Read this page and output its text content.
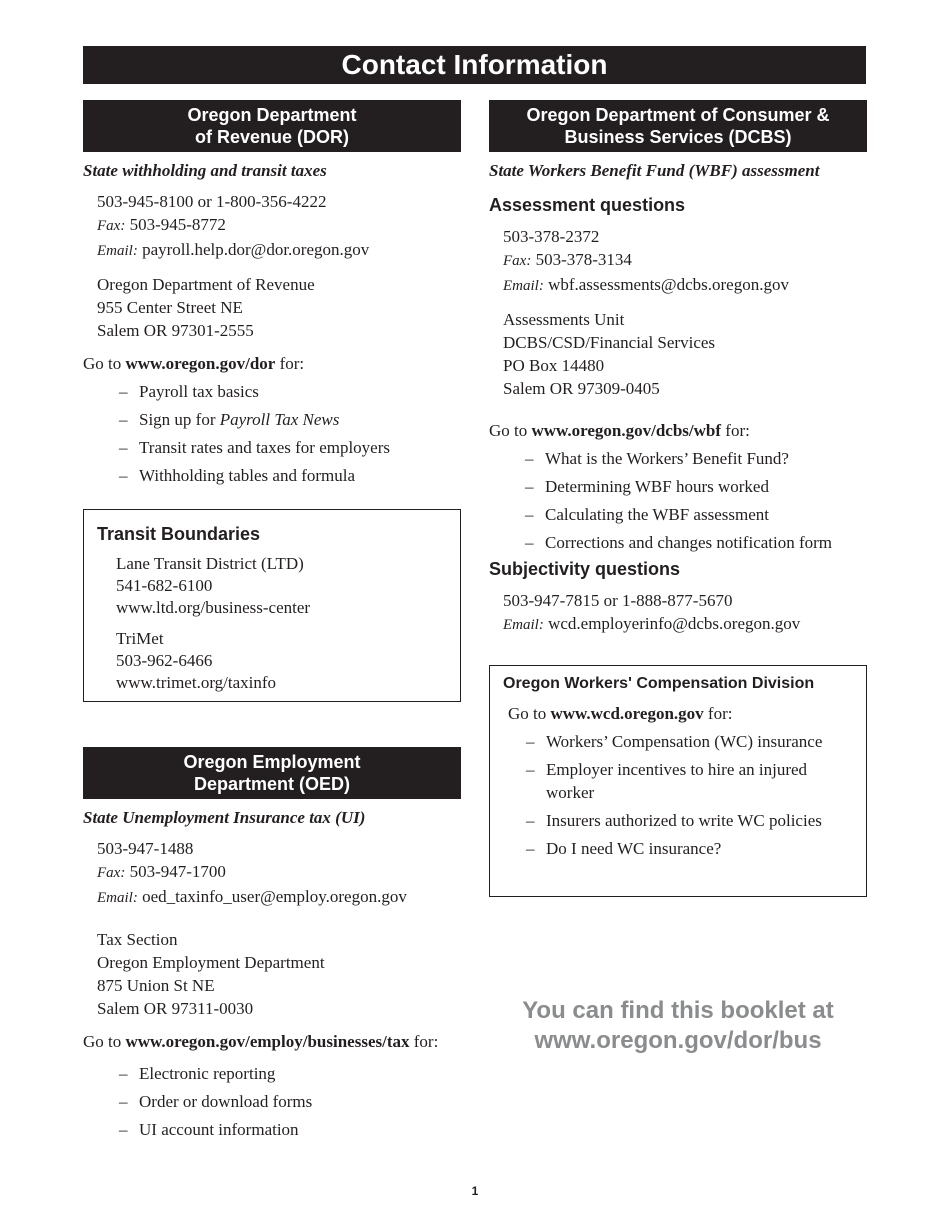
Contact Information
Oregon Department
of Revenue (DOR)
State withholding and transit taxes
503-945-8100 or 1-800-356-4222
Fax: 503-945-8772
Email: payroll.help.dor@dor.oregon.gov
Oregon Department of Revenue
955 Center Street NE
Salem OR 97301-2555
Go to www.oregon.gov/dor for:
– Payroll tax basics
– Sign up for Payroll Tax News
– Transit rates and taxes for employers
– Withholding tables and formula
Transit Boundaries
Lane Transit District (LTD)
541-682-6100
www.ltd.org/business-center
TriMet
503-962-6466
www.trimet.org/taxinfo
Oregon Employment
Department (OED)
State Unemployment Insurance tax (UI)
503-947-1488
Fax: 503-947-1700
Email: oed_taxinfo_user@employ.oregon.gov
Tax Section
Oregon Employment Department
875 Union St NE
Salem OR 97311-0030
Go to www.oregon.gov/employ/businesses/tax for:
– Electronic reporting
– Order or download forms
– UI account information
Oregon Department of Consumer &
Business Services (DCBS)
State Workers Benefit Fund (WBF) assessment
Assessment questions
503-378-2372
Fax: 503-378-3134
Email: wbf.assessments@dcbs.oregon.gov
Assessments Unit
DCBS/CSD/Financial Services
PO Box 14480
Salem OR 97309-0405
Go to www.oregon.gov/dcbs/wbf for:
– What is the Workers’ Benefit Fund?
– Determining WBF hours worked
– Calculating the WBF assessment
– Corrections and changes notification form
Subjectivity questions
503-947-7815 or 1-888-877-5670
Email: wcd.employerinfo@dcbs.oregon.gov
Oregon Workers' Compensation Division
Go to www.wcd.oregon.gov for:
– Workers’ Compensation (WC) insurance
– Employer incentives to hire an injured worker
– Insurers authorized to write WC policies
– Do I need WC insurance?
You can find this booklet at
www.oregon.gov/dor/bus
1
